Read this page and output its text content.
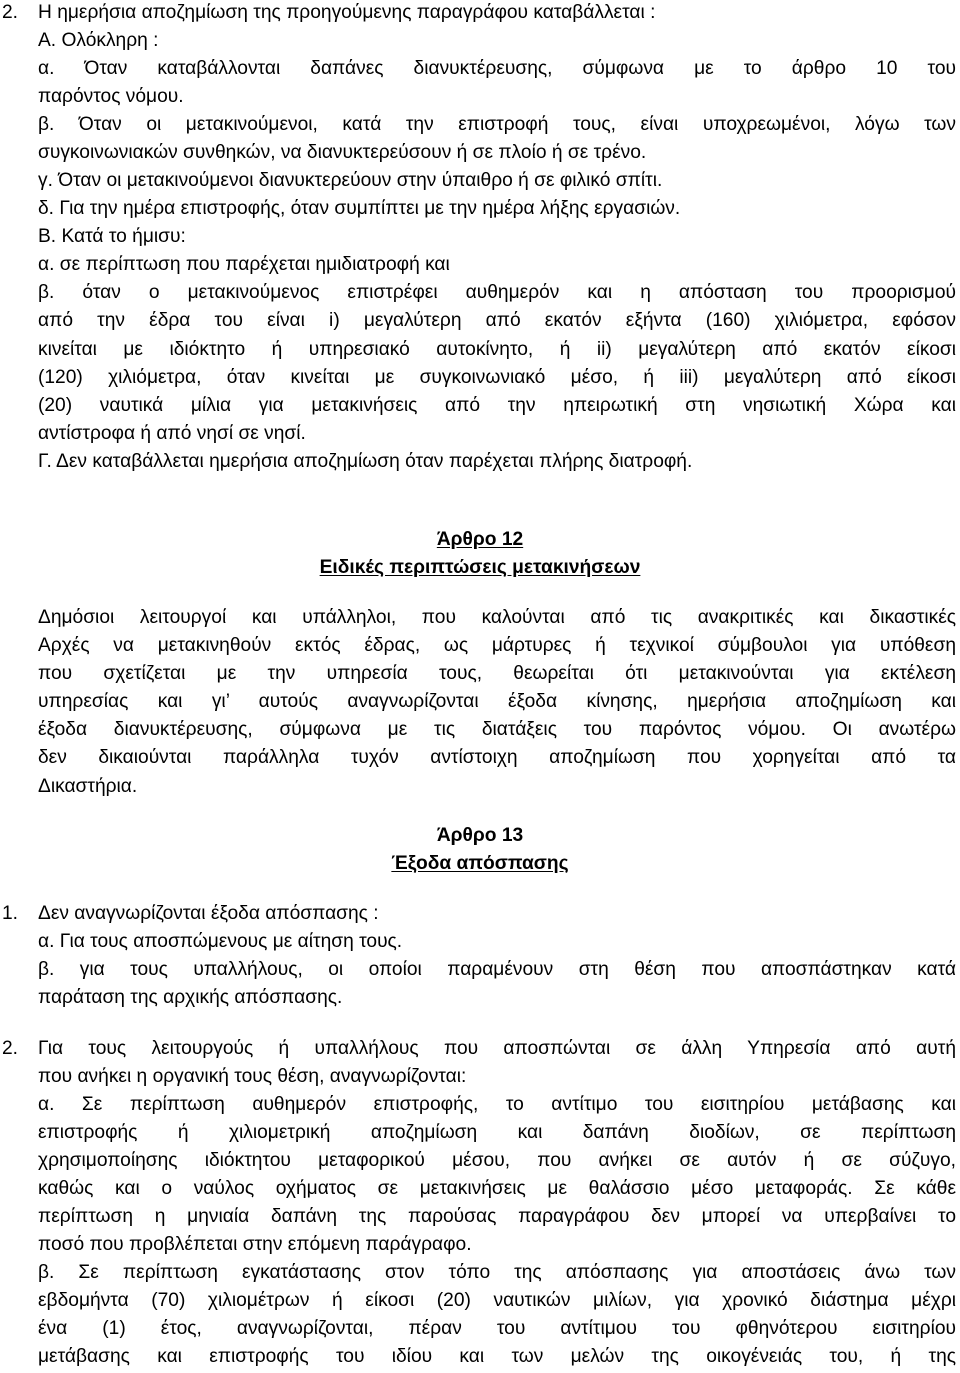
2. Η ημερήσια αποζημίωση της προηγούμενης παραγράφου καταβάλλεται :
Α. Ολόκληρη :
α. Όταν καταβάλλονται δαπάνες διανυκτέρευσης, σύμφωνα με το άρθρο 10 του
παρόντος νόμου.
β. Όταν οι μετακινούμενοι, κατά την επιστροφή τους, είναι υποχρεωμένοι, λόγω των
συγκοινωνιακών συνθηκών, να διανυκτερεύσουν ή σε πλοίο ή σε τρένο.
γ. Όταν οι μετακινούμενοι διανυκτερεύουν στην ύπαιθρο ή σε φιλικό σπίτι.
δ. Για την ημέρα επιστροφής, όταν συμπίπτει με την ημέρα λήξης εργασιών.
Β. Κατά το ήμισυ:
α. σε περίπτωση που παρέχεται ημιδιατροφή και
β. όταν ο μετακινούμενος επιστρέφει αυθημερόν και η απόσταση του προορισμού
από την έδρα του είναι i) μεγαλύτερη από εκατόν εξήντα (160) χιλιόμετρα, εφόσον
κινείται με ιδιόκτητο ή υπηρεσιακό αυτοκίνητο, ή ii) μεγαλύτερη από εκατόν είκοσι
(120) χιλιόμετρα, όταν κινείται με συγκοινωνιακό μέσο, ή iii) μεγαλύτερη από είκοσι
(20) ναυτικά μίλια για μετακινήσεις από την ηπειρωτική στη νησιωτική Χώρα και
αντίστροφα ή από νησί σε νησί.
Γ. Δεν καταβάλλεται ημερήσια αποζημίωση όταν παρέχεται πλήρης διατροφή.
Άρθρο 12
Ειδικές περιπτώσεις μετακινήσεων
Δημόσιοι λειτουργοί και υπάλληλοι, που καλούνται από τις ανακριτικές και δικαστικές
Αρχές να μετακινηθούν εκτός έδρας, ως μάρτυρες ή τεχνικοί σύμβουλοι για υπόθεση
που σχετίζεται με την υπηρεσία τους, θεωρείται ότι μετακινούνται για εκτέλεση
υπηρεσίας και γι’ αυτούς αναγνωρίζονται έξοδα κίνησης, ημερήσια αποζημίωση και
έξοδα διανυκτέρευσης, σύμφωνα με τις διατάξεις του παρόντος νόμου. Οι ανωτέρω
δεν δικαιούνται παράλληλα τυχόν αντίστοιχη αποζημίωση που χορηγείται από τα
Δικαστήρια.
Άρθρο 13
Έξοδα απόσπασης
1. Δεν αναγνωρίζονται έξοδα απόσπασης :
α. Για τους αποσπώμενους με αίτηση τους.
β. για τους υπαλλήλους, οι οποίοι παραμένουν στη θέση που αποσπάστηκαν κατά
παράταση της αρχικής απόσπασης.
2. Για τους λειτουργούς ή υπαλλήλους που αποσπώνται σε άλλη Υπηρεσία από αυτή
που ανήκει η οργανική τους θέση, αναγνωρίζονται:
α. Σε περίπτωση αυθημερόν επιστροφής, το αντίτιμο του εισιτηρίου μετάβασης και
επιστροφής ή χιλιομετρική αποζημίωση και δαπάνη διοδίων, σε περίπτωση
χρησιμοποίησης ιδιόκτητου μεταφορικού μέσου, που ανήκει σε αυτόν ή σε σύζυγο,
καθώς και ο ναύλος οχήματος σε μετακινήσεις με θαλάσσιο μέσο μεταφοράς. Σε κάθε
περίπτωση η μηνιαία δαπάνη της παρούσας παραγράφου δεν μπορεί να υπερβαίνει το
ποσό που προβλέπεται στην επόμενη παράγραφο.
β. Σε περίπτωση εγκατάστασης στον τόπο της απόσπασης για αποστάσεις άνω των
εβδομήντα (70) χιλιομέτρων ή είκοσι (20) ναυτικών μιλίων, για χρονικό διάστημα μέχρι
ένα (1) έτος, αναγνωρίζονται, πέραν του αντίτιμου του φθηνότερου εισιτηρίου
μετάβασης και επιστροφής του ιδίου και των μελών της οικογένειάς του, ή της
